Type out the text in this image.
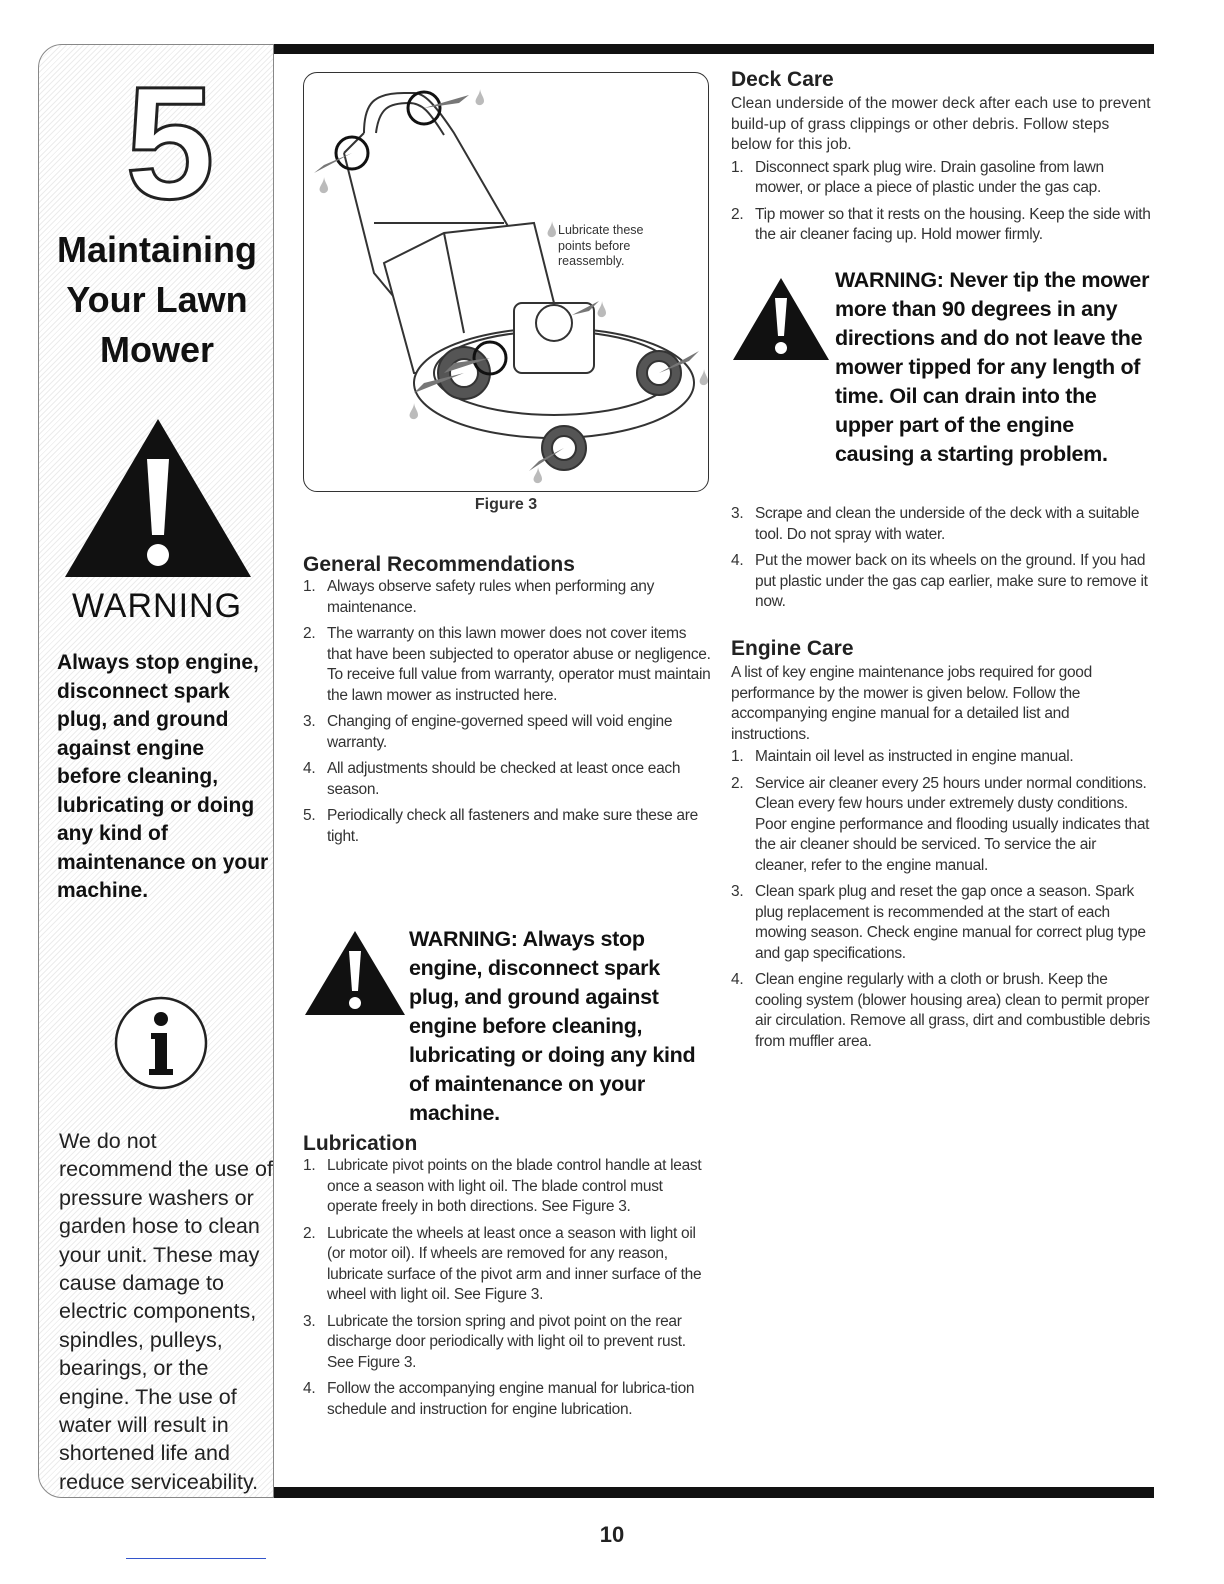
5
Maintaining
Your Lawn
Mower
WARNING
Always stop engine, disconnect spark plug, and ground against engine before cleaning, lubricating or doing any kind of maintenance on your machine.
We do not recommend the use of pressure washers or garden hose to clean your unit. These may cause damage to electric components, spindles, pulleys, bearings, or the engine. The use of water will result in shortened life and reduce serviceability.
Lubricate these points before reassembly.
Figure 3
General Recommendations
1. Always observe safety rules when performing any maintenance.
2. The warranty on this lawn mower does not cover items that have been subjected to operator abuse or negligence. To receive full value from warranty, operator must maintain the lawn mower as instructed here.
3. Changing of engine-governed speed will void engine warranty.
4. All adjustments should be checked at least once each season.
5. Periodically check all fasteners and make sure these are tight.
WARNING: Always stop engine, disconnect spark plug, and ground against engine before cleaning, lubricating or doing any kind of maintenance on your machine.
Lubrication
1. Lubricate pivot points on the blade control handle at least once a season with light oil. The blade control must operate freely in both directions. See Figure 3.
2. Lubricate the wheels at least once a season with light oil (or motor oil). If wheels are removed for any reason, lubricate surface of the pivot arm and inner surface of the wheel with light oil. See Figure 3.
3. Lubricate the torsion spring and pivot point on the rear discharge door periodically with light oil to prevent rust. See Figure 3.
4. Follow the accompanying engine manual for lubrica-tion schedule and instruction for engine lubrication.
Deck Care

Clean underside of the mower deck after each use to prevent build-up of grass clippings or other debris. Follow steps below for this job.

1. Disconnect spark plug wire. Drain gasoline from lawn mower, or place a piece of plastic under the gas cap.
2. Tip mower so that it rests on the housing. Keep the side with the air cleaner facing up. Hold mower firmly.
WARNING: Never tip the mower more than 90 degrees in any directions and do not leave the mower tipped for any length of time. Oil can drain into the upper part of the engine causing a starting problem.
3. Scrape and clean the underside of the deck with a suitable tool. Do not spray with water.
4. Put the mower back on its wheels on the ground. If you had put plastic under the gas cap earlier, make sure to remove it now.
Engine Care

A list of key engine maintenance jobs required for good performance by the mower is given below. Follow the accompanying engine manual for a detailed list and instructions.

1. Maintain oil level as instructed in engine manual.
2. Service air cleaner every 25 hours under normal conditions. Clean every few hours under extremely dusty conditions. Poor engine performance and flooding usually indicates that the air cleaner should be serviced. To service the air cleaner, refer to the engine manual.
3. Clean spark plug and reset the gap once a season. Spark plug replacement is recommended at the start of each mowing season. Check engine manual for correct plug type and gap specifications.
4. Clean engine regularly with a cloth or brush. Keep the cooling system (blower housing area) clean to permit proper air circulation. Remove all grass, dirt and combustible debris from muffler area.
10
